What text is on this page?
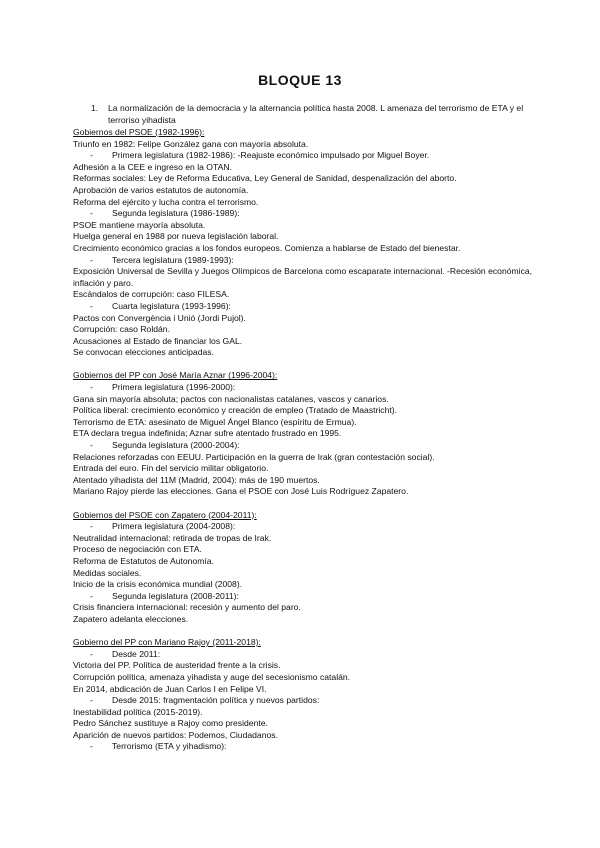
BLOQUE 13
1.	La normalización de la democracia y la alternancia política hasta 2008. L amenaza del terrorismo de ETA y el terroriso yihadista
Gobiernos del PSOE (1982-1996):
Triunfo en 1982: Felipe González gana con mayoría absoluta.
-	Primera legislatura (1982-1986): -Reajuste económico impulsado por Miguel Boyer.
Adhesión a la CEE e ingreso en la OTAN.
Reformas sociales: Ley de Reforma Educativa, Ley General de Sanidad, despenalización del aborto.
Aprobación de varios estatutos de autonomía.
Reforma del ejército y lucha contra el terrorismo.
-	Segunda legislatura (1986-1989):
PSOE mantiene mayoría absoluta.
Huelga general en 1988 por nueva legislación laboral.
Crecimiento económico gracias a los fondos europeos. Comienza a hablarse de Estado del bienestar.
-	Tercera legislatura (1989-1993):
Exposición Universal de Sevilla y Juegos Olímpicos de Barcelona como escaparate internacional. -Recesión económica, inflación y paro.
Escándalos de corrupción: caso FILESA.
-	Cuarta legislatura (1993-1996):
Pactos con Convergència i Unió (Jordi Pujol).
Corrupción: caso Roldán.
Acusaciones al Estado de financiar los GAL.
Se convocan elecciones anticipadas.
Gobiernos del PP con José María Aznar (1996-2004):
-	Primera legislatura (1996-2000):
Gana sin mayoría absoluta; pactos con nacionalistas catalanes, vascos y canarios.
Política liberal: crecimiento económico y creación de empleo (Tratado de Maastricht).
Terrorismo de ETA: asesinato de Miguel Ángel Blanco (espíritu de Ermua).
ETA declara tregua indefinida; Aznar sufre atentado frustrado en 1995.
-	Segunda legislatura (2000-2004):
Relaciones reforzadas con EEUU. Participación en la guerra de Irak (gran contestación social).
Entrada del euro. Fin del servicio militar obligatorio.
Atentado yihadista del 11M (Madrid, 2004): más de 190 muertos.
Mariano Rajoy pierde las elecciones. Gana el PSOE con José Luis Rodríguez Zapatero.
Gobiernos del PSOE con Zapatero (2004-2011):
-	Primera legislatura (2004-2008):
Neutralidad internacional: retirada de tropas de Irak.
Proceso de negociación con ETA.
Reforma de Estatutos de Autonomía.
Medidas sociales.
Inicio de la crisis económica mundial (2008).
-	Segunda legislatura (2008-2011):
Crisis financiera internacional: recesión y aumento del paro.
Zapatero adelanta elecciones.
Gobierno del PP con Mariano Rajoy (2011-2018):
-	Desde 2011:
Victoria del PP. Política de austeridad frente a la crisis.
Corrupción política, amenaza yihadista y auge del secesionismo catalán.
En 2014, abdicación de Juan Carlos I en Felipe VI.
-	Desde 2015: fragmentación política y nuevos partidos:
Inestabilidad política (2015-2019).
Pedro Sánchez sustituye a Rajoy como presidente.
Aparición de nuevos partidos: Podemos, Ciudadanos.
-	Terrorismo (ETA y yihadismo):
